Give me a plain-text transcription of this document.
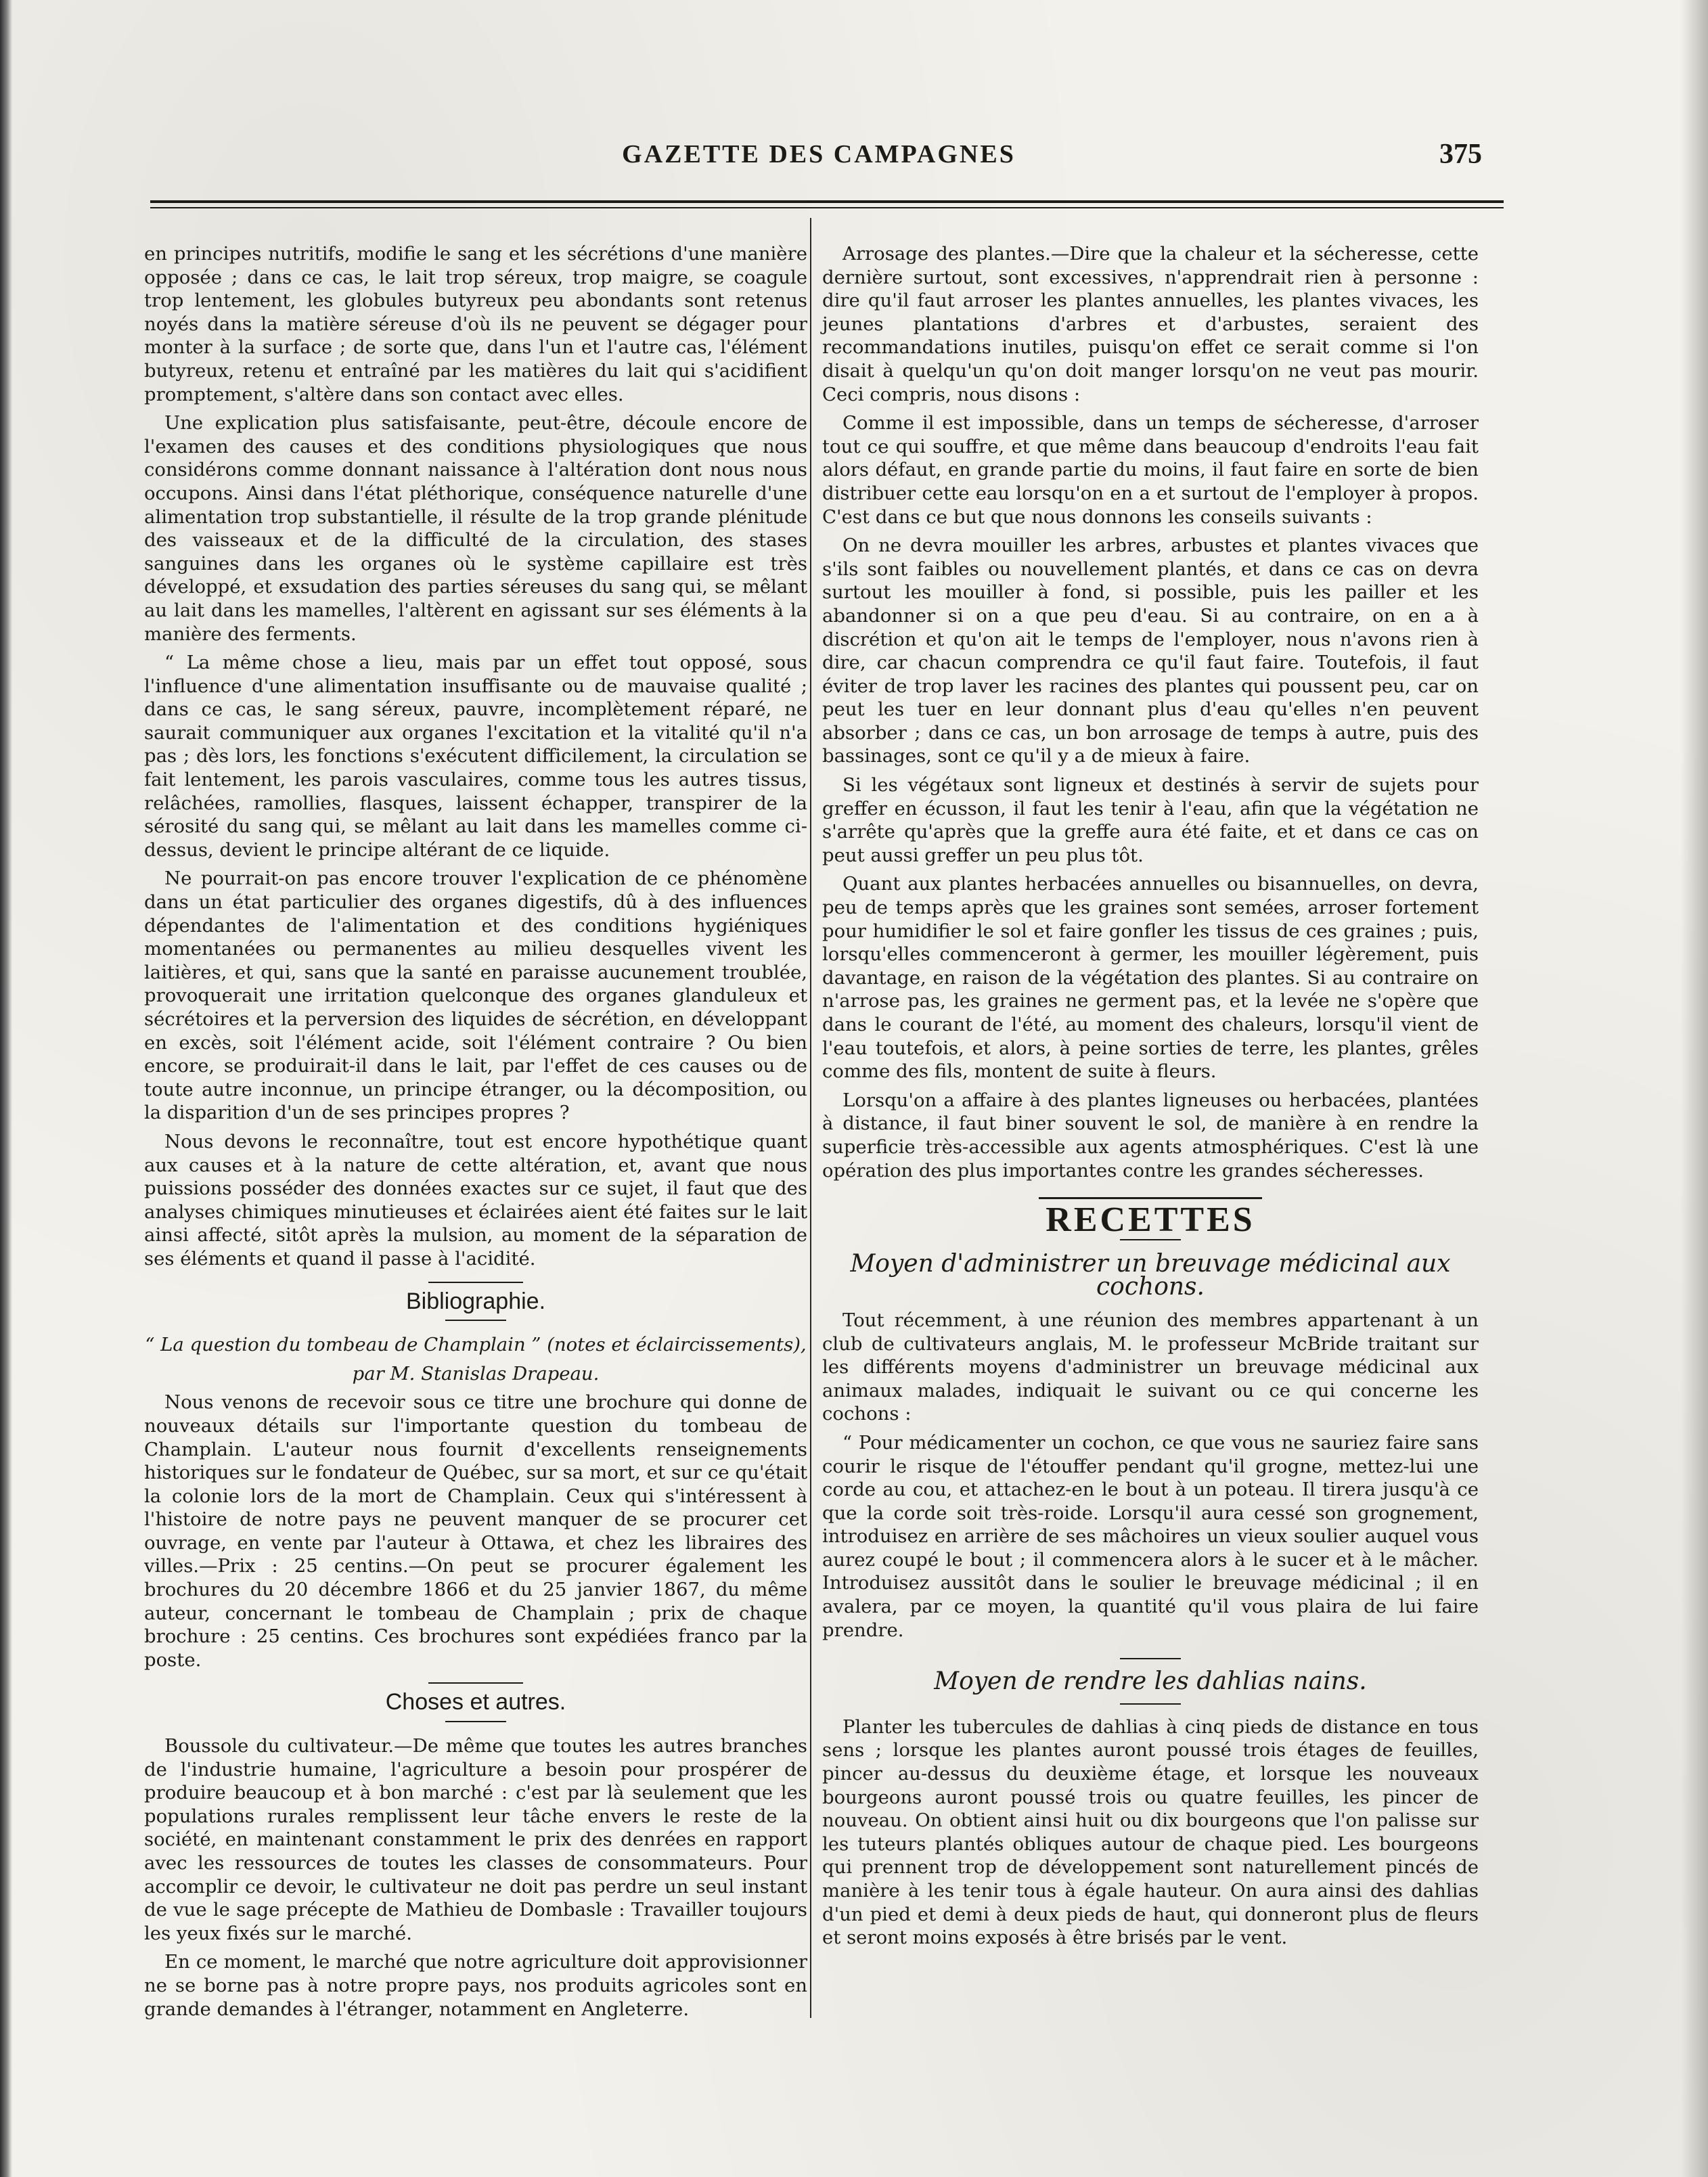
GAZETTE DES CAMPAGNES	375

en principes nutritifs, modifie le sang et les sécrétions d'une manière opposée ; dans ce cas, le lait trop séreux, trop maigre, se coagule trop lentement, les globules butyreux peu abondants sont retenus noyés dans la matière séreuse d'où ils ne peuvent se dégager pour monter à la surface ; de sorte que, dans l'un et l'autre cas, l'élément butyreux, retenu et entraîné par les matières du lait qui s'acidifient promptement, s'altère dans son contact avec elles.

Une explication plus satisfaisante, peut-être, découle encore de l'examen des causes et des conditions physiologiques que nous considérons comme donnant naissance à l'altération dont nous nous occupons. Ainsi dans l'état pléthorique, conséquence naturelle d'une alimentation trop substantielle, il résulte de la trop grande plénitude des vaisseaux et de la difficulté de la circulation, des stases sanguines dans les organes où le système capillaire est très développé, et exsudation des parties séreuses du sang qui, se mêlant au lait dans les mamelles, l'altèrent en agissant sur ses éléments à la manière des ferments.

“ La même chose a lieu, mais par un effet tout opposé, sous l'influence d'une alimentation insuffisante ou de mauvaise qualité ; dans ce cas, le sang séreux, pauvre, incomplètement réparé, ne saurait communiquer aux organes l'excitation et la vitalité qu'il n'a pas ; dès lors, les fonctions s'exécutent difficilement, la circulation se fait lentement, les parois vasculaires, comme tous les autres tissus, relâchées, ramollies, flasques, laissent échapper, transpirer de la sérosité du sang qui, se mêlant au lait dans les mamelles comme ci-dessus, devient le principe altérant de ce liquide.

Ne pourrait-on pas encore trouver l'explication de ce phénomène dans un état particulier des organes digestifs, dû à des influences dépendantes de l'alimentation et des conditions hygiéniques momentanées ou permanentes au milieu desquelles vivent les laitières, et qui, sans que la santé en paraisse aucunement troublée, provoquerait une irritation quelconque des organes glanduleux et sécrétoires et la perversion des liquides de sécrétion, en développant en excès, soit l'élément acide, soit l'élément contraire ? Ou bien encore, se produirait-il dans le lait, par l'effet de ces causes ou de toute autre inconnue, un principe étranger, ou la décomposition, ou la disparition d'un de ses principes propres ?

Nous devons le reconnaître, tout est encore hypothétique quant aux causes et à la nature de cette altération, et, avant que nous puissions posséder des données exactes sur ce sujet, il faut que des analyses chimiques minutieuses et éclairées aient été faites sur le lait ainsi affecté, sitôt après la mulsion, au moment de la séparation de ses éléments et quand il passe à l'acidité.

Bibliographie.

“ La question du tombeau de Champlain ” (notes et éclaircissements),

par M. Stanislas Drapeau.

Nous venons de recevoir sous ce titre une brochure qui donne de nouveaux détails sur l'importante question du tombeau de Champlain. L'auteur nous fournit d'excellents renseignements historiques sur le fondateur de Québec, sur sa mort, et sur ce qu'était la colonie lors de la mort de Champlain. Ceux qui s'intéressent à l'histoire de notre pays ne peuvent manquer de se procurer cet ouvrage, en vente par l'auteur à Ottawa, et chez les libraires des villes.—Prix : 25 centins.—On peut se procurer également les brochures du 20 décembre 1866 et du 25 janvier 1867, du même auteur, concernant le tombeau de Champlain ; prix de chaque brochure : 25 centins. Ces brochures sont expédiées franco par la poste.

Choses et autres.

Boussole du cultivateur.—De même que toutes les autres branches de l'industrie humaine, l'agriculture a besoin pour prospérer de produire beaucoup et à bon marché : c'est par là seulement que les populations rurales remplissent leur tâche envers le reste de la société, en maintenant constamment le prix des denrées en rapport avec les ressources de toutes les classes de consommateurs. Pour accomplir ce devoir, le cultivateur ne doit pas perdre un seul instant de vue le sage précepte de Mathieu de Dombasle : Travailler toujours les yeux fixés sur le marché.

En ce moment, le marché que notre agriculture doit approvisionner ne se borne pas à notre propre pays, nos produits agricoles sont en grande demandes à l'étranger, notamment en Angleterre.

Arrosage des plantes.—Dire que la chaleur et la sécheresse, cette dernière surtout, sont excessives, n'apprendrait rien à personne : dire qu'il faut arroser les plantes annuelles, les plantes vivaces, les jeunes plantations d'arbres et d'arbustes, seraient des recommandations inutiles, puisqu'on effet ce serait comme si l'on disait à quelqu'un qu'on doit manger lorsqu'on ne veut pas mourir. Ceci compris, nous disons :

Comme il est impossible, dans un temps de sécheresse, d'arroser tout ce qui souffre, et que même dans beaucoup d'endroits l'eau fait alors défaut, en grande partie du moins, il faut faire en sorte de bien distribuer cette eau lorsqu'on en a et surtout de l'employer à propos. C'est dans ce but que nous donnons les conseils suivants :

On ne devra mouiller les arbres, arbustes et plantes vivaces que s'ils sont faibles ou nouvellement plantés, et dans ce cas on devra surtout les mouiller à fond, si possible, puis les pailler et les abandonner si on a que peu d'eau. Si au contraire, on en a à discrétion et qu'on ait le temps de l'employer, nous n'avons rien à dire, car chacun comprendra ce qu'il faut faire. Toutefois, il faut éviter de trop laver les racines des plantes qui poussent peu, car on peut les tuer en leur donnant plus d'eau qu'elles n'en peuvent absorber ; dans ce cas, un bon arrosage de temps à autre, puis des bassinages, sont ce qu'il y a de mieux à faire.

Si les végétaux sont ligneux et destinés à servir de sujets pour greffer en écusson, il faut les tenir à l'eau, afin que la végétation ne s'arrête qu'après que la greffe aura été faite, et et dans ce cas on peut aussi greffer un peu plus tôt.

Quant aux plantes herbacées annuelles ou bisannuelles, on devra, peu de temps après que les graines sont semées, arroser fortement pour humidifier le sol et faire gonfler les tissus de ces graines ; puis, lorsqu'elles commenceront à germer, les mouiller légèrement, puis davantage, en raison de la végétation des plantes. Si au contraire on n'arrose pas, les graines ne germent pas, et la levée ne s'opère que dans le courant de l'été, au moment des chaleurs, lorsqu'il vient de l'eau toutefois, et alors, à peine sorties de terre, les plantes, grêles comme des fils, montent de suite à fleurs.

Lorsqu'on a affaire à des plantes ligneuses ou herbacées, plantées à distance, il faut biner souvent le sol, de manière à en rendre la superficie très-accessible aux agents atmosphériques. C'est là une opération des plus importantes contre les grandes sécheresses.

RECETTES
Moyen d'administrer un breuvage médicinal aux cochons.

Tout récemment, à une réunion des membres appartenant à un club de cultivateurs anglais, M. le professeur McBride traitant sur les différents moyens d'administrer un breuvage médicinal aux animaux malades, indiquait le suivant ou ce qui concerne les cochons :

“ Pour médicamenter un cochon, ce que vous ne sauriez faire sans courir le risque de l'étouffer pendant qu'il grogne, mettez-lui une corde au cou, et attachez-en le bout à un poteau. Il tirera jusqu'à ce que la corde soit très-roide. Lorsqu'il aura cessé son grognement, introduisez en arrière de ses mâchoires un vieux soulier auquel vous aurez coupé le bout ; il commencera alors à le sucer et à le mâcher. Introduisez aussitôt dans le soulier le breuvage médicinal ; il en avalera, par ce moyen, la quantité qu'il vous plaira de lui faire prendre.

Moyen de rendre les dahlias nains.

Planter les tubercules de dahlias à cinq pieds de distance en tous sens ; lorsque les plantes auront poussé trois étages de feuilles, pincer au-dessus du deuxième étage, et lorsque les nouveaux bourgeons auront poussé trois ou quatre feuilles, les pincer de nouveau. On obtient ainsi huit ou dix bourgeons que l'on palisse sur les tuteurs plantés obliques autour de chaque pied. Les bourgeons qui prennent trop de développement sont naturellement pincés de manière à les tenir tous à égale hauteur. On aura ainsi des dahlias d'un pied et demi à deux pieds de haut, qui donneront plus de fleurs et seront moins exposés à être brisés par le vent.
